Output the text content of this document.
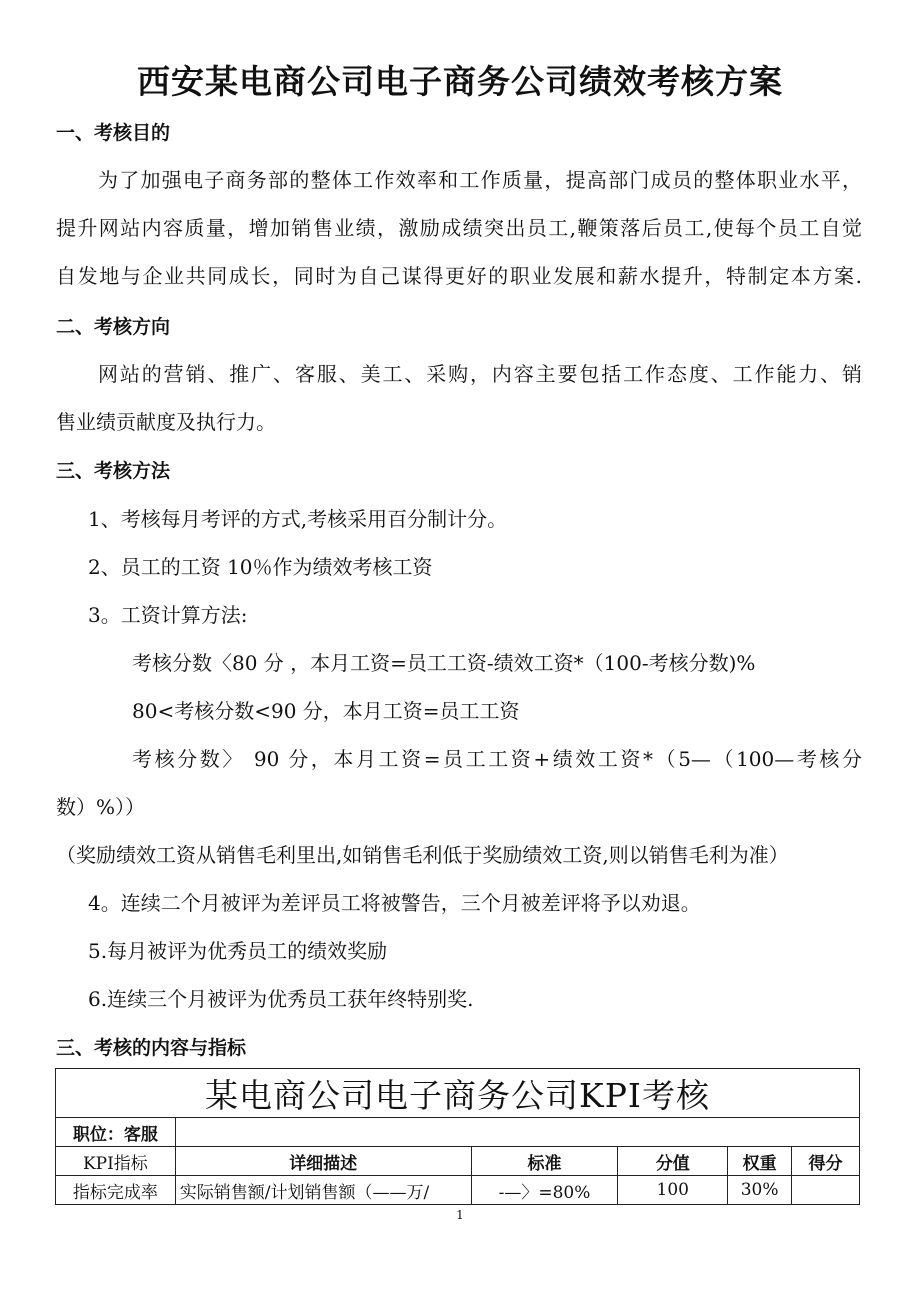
西安某电商公司电子商务公司绩效考核方案
一、考核目的
为了加强电子商务部的整体工作效率和工作质量，提高部门成员的整体职业水平，
提升网站内容质量，增加销售业绩，激励成绩突出员工,鞭策落后员工,使每个员工自觉
自发地与企业共同成长，同时为自己谋得更好的职业发展和薪水提升，特制定本方案.
二、考核方向
网站的营销、推广、客服、美工、采购，内容主要包括工作态度、工作能力、销
售业绩贡献度及执行力。
三、考核方法
1、考核每月考评的方式,考核采用百分制计分。
2、员工的工资 10％作为绩效考核工资
3。工资计算方法:
考核分数〈80 分 ，本月工资=员工工资-绩效工资*（100-考核分数)%
80<考核分数<90 分，本月工资=员工工资
考核分数〉 90 分，本月工资=员工工资+绩效工资*（5—（100—考核分
数）%））
（奖励绩效工资从销售毛利里出,如销售毛利低于奖励绩效工资,则以销售毛利为准）
4。连续二个月被评为差评员工将被警告，三个月被差评将予以劝退。
5.每月被评为优秀员工的绩效奖励
6.连续三个月被评为优秀员工获年终特别奖.
三、考核的内容与指标
某电商公司电子商务公司KPI考核					
职位：客服					
KPI指标	详细描述	标准	分值	权重	得分
指标完成率	实际销售额/计划销售额（——万/	-—〉=80%	100	30%	
1
